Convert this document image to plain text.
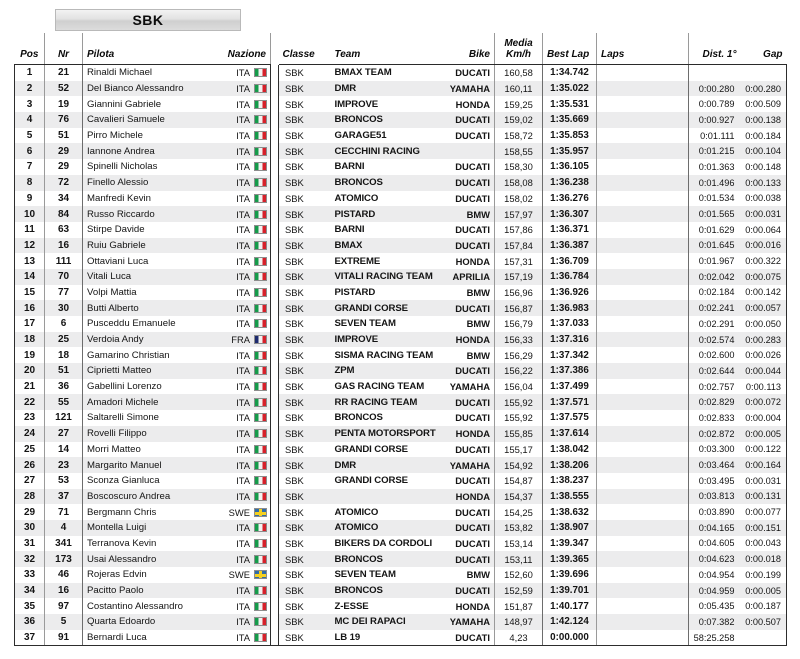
SBK
Pos	Nr	Pilota	Nazione		Classe	Team	Bike	Media
Km/h	Best Lap	Laps	Dist. 1°	Gap
1	21	Rinaldi Michael	ITA		SBK	BMAX TEAM	DUCATI	160,58	1:34.742			
2	52	Del Bianco Alessandro	ITA		SBK	DMR	YAMAHA	160,11	1:35.022		0:00.280	0:00.280
3	19	Giannini Gabriele	ITA		SBK	IMPROVE	HONDA	159,25	1:35.531		0:00.789	0:00.509
4	76	Cavalieri Samuele	ITA		SBK	BRONCOS	DUCATI	159,02	1:35.669		0:00.927	0:00.138
5	51	Pirro Michele	ITA		SBK	GARAGE51	DUCATI	158,72	1:35.853		0:01.111	0:00.184
6	29	Iannone Andrea	ITA		SBK	CECCHINI RACING		158,55	1:35.957		0:01.215	0:00.104
7	29	Spinelli Nicholas	ITA		SBK	BARNI	DUCATI	158,30	1:36.105		0:01.363	0:00.148
8	72	Finello Alessio	ITA		SBK	BRONCOS	DUCATI	158,08	1:36.238		0:01.496	0:00.133
9	34	Manfredi Kevin	ITA		SBK	ATOMICO	DUCATI	158,02	1:36.276		0:01.534	0:00.038
10	84	Russo Riccardo	ITA		SBK	PISTARD	BMW	157,97	1:36.307		0:01.565	0:00.031
11	63	Stirpe Davide	ITA		SBK	BARNI	DUCATI	157,86	1:36.371		0:01.629	0:00.064
12	16	Ruiu Gabriele	ITA		SBK	BMAX	DUCATI	157,84	1:36.387		0:01.645	0:00.016
13	111	Ottaviani Luca	ITA		SBK	EXTREME	HONDA	157,31	1:36.709		0:01.967	0:00.322
14	70	Vitali Luca	ITA		SBK	VITALI RACING TEAM	APRILIA	157,19	1:36.784		0:02.042	0:00.075
15	77	Volpi Mattia	ITA		SBK	PISTARD	BMW	156,96	1:36.926		0:02.184	0:00.142
16	30	Butti Alberto	ITA		SBK	GRANDI CORSE	DUCATI	156,87	1:36.983		0:02.241	0:00.057
17	6	Pusceddu Emanuele	ITA		SBK	SEVEN TEAM	BMW	156,79	1:37.033		0:02.291	0:00.050
18	25	Verdoia Andy	FRA		SBK	IMPROVE	HONDA	156,33	1:37.316		0:02.574	0:00.283
19	18	Gamarino Christian	ITA		SBK	SISMA RACING TEAM	BMW	156,29	1:37.342		0:02.600	0:00.026
20	51	Ciprietti Matteo	ITA		SBK	ZPM	DUCATI	156,22	1:37.386		0:02.644	0:00.044
21	36	Gabellini Lorenzo	ITA		SBK	GAS RACING TEAM	YAMAHA	156,04	1:37.499		0:02.757	0:00.113
22	55	Amadori Michele	ITA		SBK	RR RACING TEAM	DUCATI	155,92	1:37.571		0:02.829	0:00.072
23	121	Saltarelli Simone	ITA		SBK	BRONCOS	DUCATI	155,92	1:37.575		0:02.833	0:00.004
24	27	Rovelli Filippo	ITA		SBK	PENTA MOTORSPORT	HONDA	155,85	1:37.614		0:02.872	0:00.005
25	14	Morri Matteo	ITA		SBK	GRANDI CORSE	DUCATI	155,17	1:38.042		0:03.300	0:00.122
26	23	Margarito Manuel	ITA		SBK	DMR	YAMAHA	154,92	1:38.206		0:03.464	0:00.164
27	53	Sconza Gianluca	ITA		SBK	GRANDI CORSE	DUCATI	154,87	1:38.237		0:03.495	0:00.031
28	37	Boscoscuro Andrea	ITA		SBK		HONDA	154,37	1:38.555		0:03.813	0:00.131
29	71	Bergmann Chris	SWE		SBK	ATOMICO	DUCATI	154,25	1:38.632		0:03.890	0:00.077
30	4	Montella Luigi	ITA		SBK	ATOMICO	DUCATI	153,82	1:38.907		0:04.165	0:00.151
31	341	Terranova Kevin	ITA		SBK	BIKERS DA CORDOLI	DUCATI	153,14	1:39.347		0:04.605	0:00.043
32	173	Usai Alessandro	ITA		SBK	BRONCOS	DUCATI	153,11	1:39.365		0:04.623	0:00.018
33	46	Rojeras Edvin	SWE		SBK	SEVEN TEAM	BMW	152,60	1:39.696		0:04.954	0:00.199
34	16	Pacitto Paolo	ITA		SBK	BRONCOS	DUCATI	152,59	1:39.701		0:04.959	0:00.005
35	97	Costantino Alessandro	ITA		SBK	Z-ESSE	HONDA	151,87	1:40.177		0:05.435	0:00.187
36	5	Quarta Edoardo	ITA		SBK	MC DEI RAPACI	YAMAHA	148,97	1:42.124		0:07.382	0:00.507
37	91	Bernardi Luca	ITA		SBK	LB 19	DUCATI	4,23	0:00.000		58:25.258	
